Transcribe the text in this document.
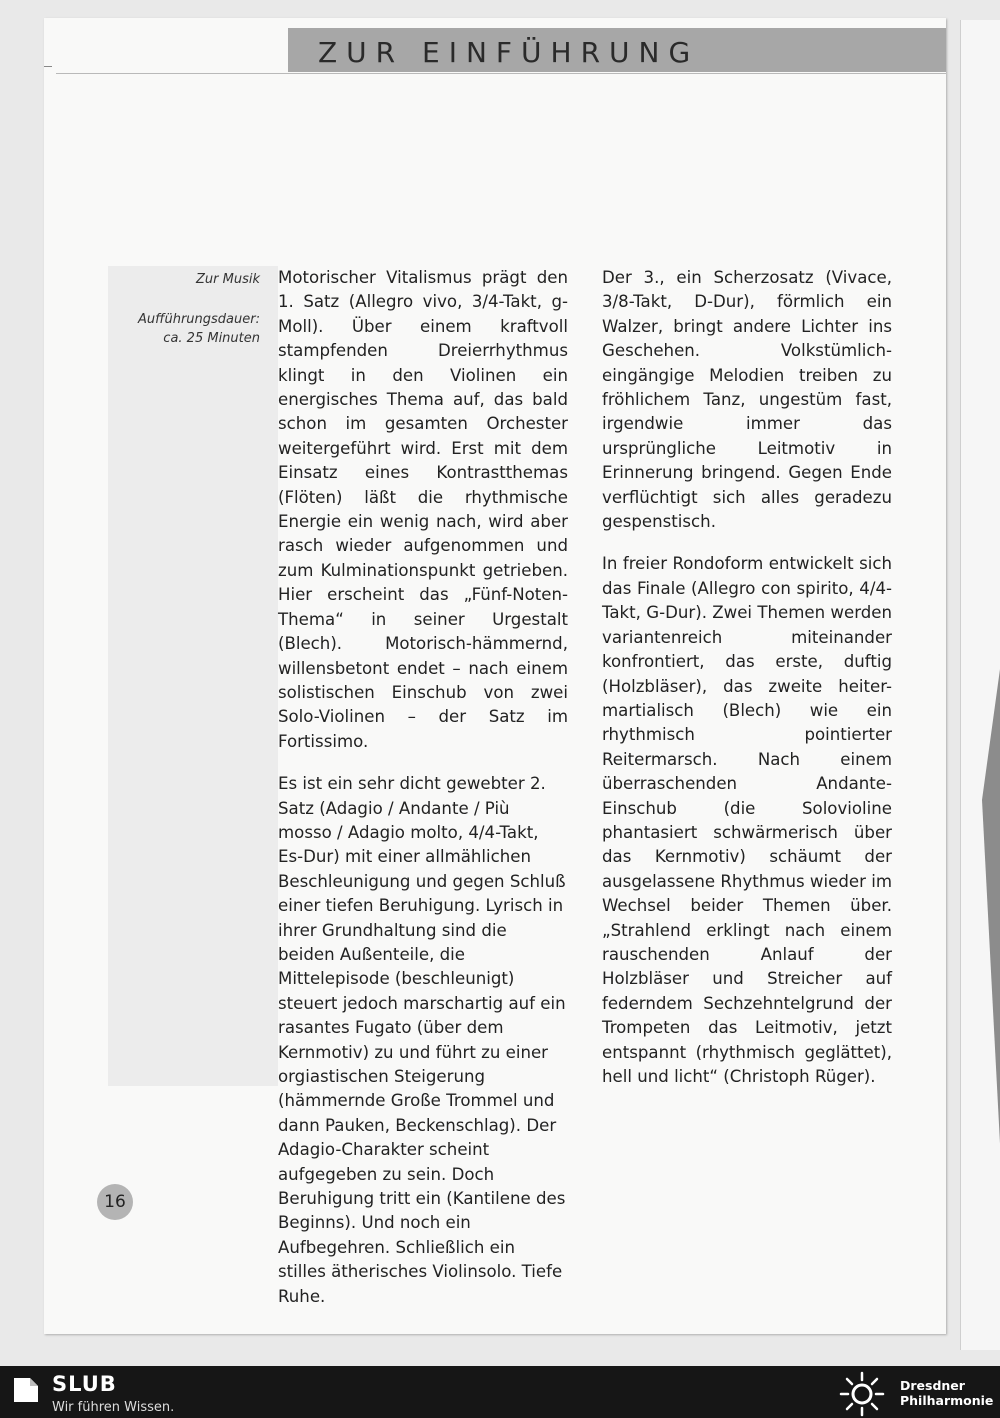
ZUR EINFÜHRUNG
Zur Musik
Aufführungsdauer:
ca. 25 Minuten

Motorischer Vitalismus prägt den 1. Satz (Allegro vivo, 3/4-Takt, g-Moll). Über einem kraftvoll stampfenden Dreierrhythmus klingt in den Violinen ein energisches Thema auf, das bald schon im gesamten Orchester weitergeführt wird. Erst mit dem Einsatz eines Kontrastthemas (Flöten) läßt die rhythmische Energie ein wenig nach, wird aber rasch wieder aufgenommen und zum Kulminationspunkt getrieben. Hier erscheint das „Fünf-Noten-Thema“ in seiner Urgestalt (Blech). Motorisch-hämmernd, willensbetont endet – nach einem solistischen Einschub von zwei Solo-Violinen – der Satz im Fortissimo.

Es ist ein sehr dicht gewebter 2. Satz (Adagio / Andante / Più mosso / Adagio molto, 4/4-Takt, Es-Dur) mit einer allmählichen Beschleunigung und gegen Schluß einer tiefen Beruhigung. Lyrisch in ihrer Grundhaltung sind die beiden Außenteile, die Mittelepisode (beschleunigt) steuert jedoch marschartig auf ein rasantes Fugato (über dem Kernmotiv) zu und führt zu einer orgiastischen Steigerung (hämmernde Große Trommel und dann Pauken, Beckenschlag). Der Adagio-Charakter scheint aufgegeben zu sein. Doch Beruhigung tritt ein (Kantilene des Beginns). Und noch ein Aufbegehren. Schließlich ein stilles ätherisches Violinsolo. Tiefe Ruhe.

Der 3., ein Scherzosatz (Vivace, 3/8-Takt, D-Dur), förmlich ein Walzer, bringt andere Lichter ins Geschehen. Volkstümlich-eingängige Melodien treiben zu fröhlichem Tanz, ungestüm fast, irgendwie immer das ursprüngliche Leitmotiv in Erinnerung bringend. Gegen Ende verflüchtigt sich alles geradezu gespenstisch.

In freier Rondoform entwickelt sich das Finale (Allegro con spirito, 4/4-Takt, G-Dur). Zwei Themen werden variantenreich miteinander konfrontiert, das erste, duftig (Holzbläser), das zweite heiter-martialisch (Blech) wie ein rhythmisch pointierter Reitermarsch. Nach einem überraschenden Andante-Einschub (die Solovioline phantasiert schwärmerisch über das Kernmotiv) schäumt der ausgelassene Rhythmus wieder im Wechsel beider Themen über. „Strahlend erklingt nach einem rauschenden Anlauf der Holzbläser und Streicher auf federndem Sechzehntelgrund der Trompeten das Leitmotiv, jetzt entspannt (rhythmisch geglättet), hell und licht“ (Christoph Rüger).

16
SLUB
Wir führen Wissen.
Dresdner
Philharmonie
